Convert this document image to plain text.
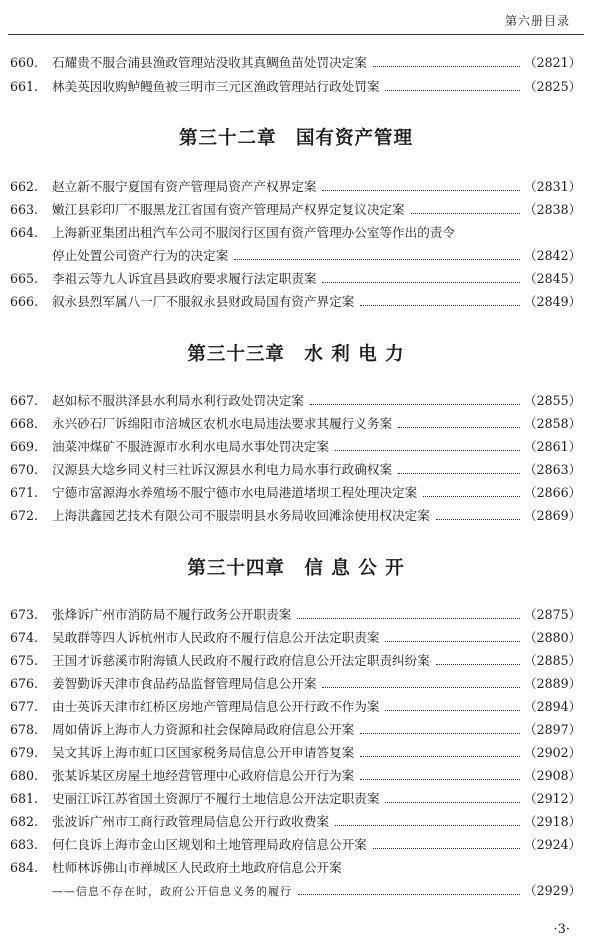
第六册目录
660.	石耀贵不服合浦县渔政管理站没收其真鲷鱼苗处罚决定案	（2821）
661.	林美英因收购鲈鳗鱼被三明市三元区渔政管理站行政处罚案	（2825）
第三十二章　国有资产管理
662.	赵立新不服宁夏国有资产管理局资产产权界定案	（2831）
663.	嫩江县彩印厂不服黑龙江省国有资产管理局产权界定复议决定案	（2838）
664.	上海新亚集团出租汽车公司不服闵行区国有资产管理办公室等作出的责令
停止处置公司资产行为的决定案	（2842）
665.	李祖云等九人诉宜昌县政府要求履行法定职责案	（2845）
666.	叙永县烈军属八一厂不服叙永县财政局国有资产界定案	（2849）
第三十三章　水 利 电 力
667.	赵如标不服洪泽县水利局水利行政处罚决定案	（2855）
668.	永兴砂石厂诉绵阳市涪城区农机水电局违法要求其履行义务案	（2858）
669.	油菜冲煤矿不服涟源市水利水电局水事处罚决定案	（2861）
670.	汉源县大埝乡同义村三社诉汉源县水利电力局水事行政确权案	（2863）
671.	宁德市富源海水养殖场不服宁德市水电局港道堵坝工程处理决定案	（2866）
672.	上海洪鑫园艺技术有限公司不服崇明县水务局收回滩涂使用权决定案	（2869）
第三十四章　信 息 公 开
673.	张烽诉广州市消防局不履行政务公开职责案	（2875）
674.	吴敢群等四人诉杭州市人民政府不履行信息公开法定职责案	（2880）
675.	王国才诉慈溪市附海镇人民政府不履行政府信息公开法定职责纠纷案	（2885）
676.	姜智勤诉天津市食品药品监督管理局信息公开案	（2889）
677.	由士英诉天津市红桥区房地产管理局信息公开行政不作为案	（2894）
678.	周如倩诉上海市人力资源和社会保障局政府信息公开案	（2897）
679.	吴文其诉上海市虹口区国家税务局信息公开申请答复案	（2902）
680.	张某诉某区房屋土地经营管理中心政府信息公开行为案	（2908）
681.	史丽江诉江苏省国土资源厅不履行土地信息公开法定职责案	（2912）
682.	张波诉广州市工商行政管理局信息公开行政收费案	（2918）
683.	何仁良诉上海市金山区规划和土地管理局政府信息公开案	（2924）
684.	杜师林诉佛山市禅城区人民政府土地政府信息公开案
——信息不存在时，政府公开信息义务的履行	（2929）
·3·
